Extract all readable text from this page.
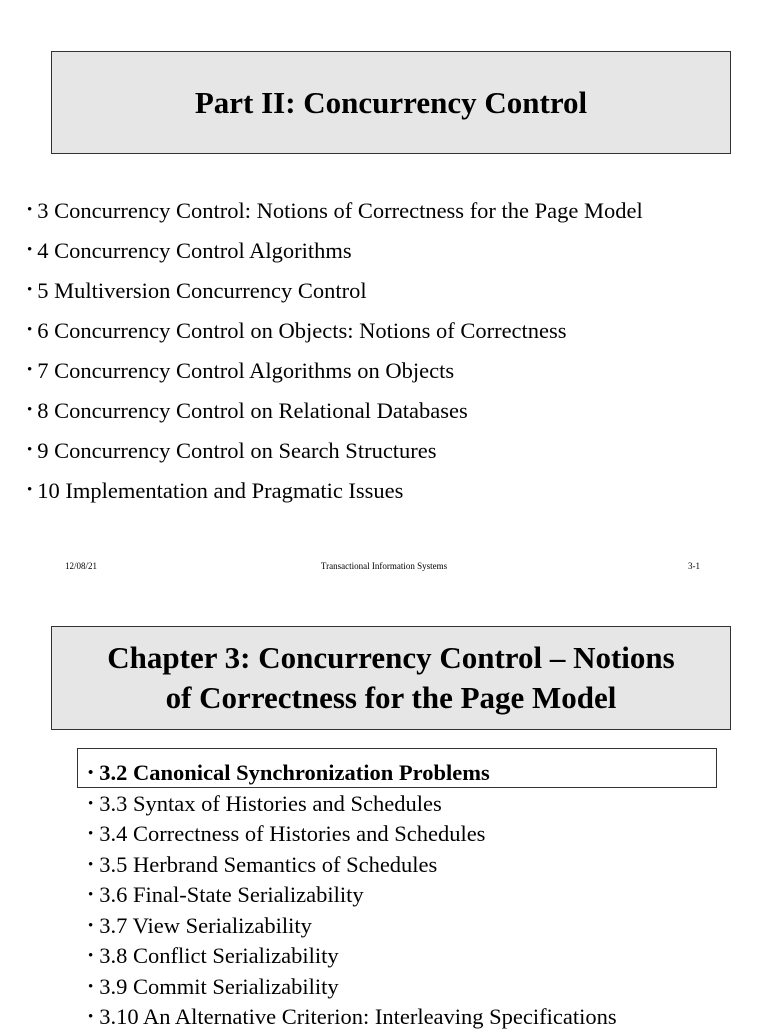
Part II: Concurrency Control
• 3 Concurrency Control: Notions of Correctness for the Page Model
• 4 Concurrency Control Algorithms
• 5 Multiversion Concurrency Control
• 6 Concurrency Control on Objects: Notions of Correctness
• 7 Concurrency Control Algorithms on Objects
• 8 Concurrency Control on Relational Databases
• 9 Concurrency Control on Search Structures
• 10 Implementation and Pragmatic Issues
12/08/21	Transactional Information Systems	3-1
Chapter 3: Concurrency Control – Notions
of Correctness for the Page Model
• 3.2 Canonical Synchronization Problems
• 3.3 Syntax of Histories and Schedules
• 3.4 Correctness of Histories and Schedules
• 3.5 Herbrand Semantics of Schedules
• 3.6 Final-State Serializability
• 3.7 View Serializability
• 3.8 Conflict Serializability
• 3.9 Commit Serializability
• 3.10 An Alternative Criterion: Interleaving Specifications
